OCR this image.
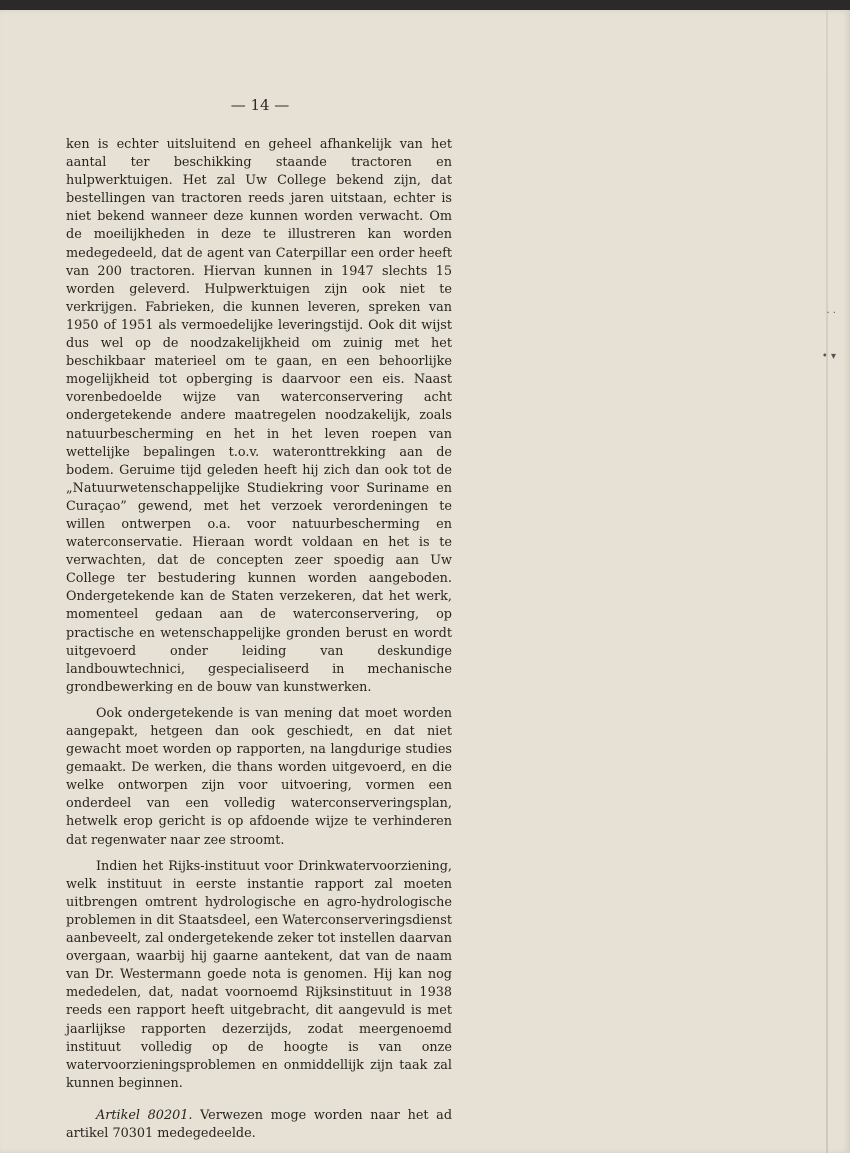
— 14 —

ken is echter uitsluitend en geheel afhankelijk van het aantal ter beschikking staande tractoren en hulpwerktuigen. Het zal Uw College bekend zijn, dat bestellingen van tractoren reeds jaren uitstaan, echter is niet bekend wanneer deze kunnen worden verwacht. Om de moeilijkheden in deze te illustreren kan worden medegedeeld, dat de agent van Caterpillar een order heeft van 200 tractoren. Hiervan kunnen in 1947 slechts 15 worden geleverd. Hulpwerktuigen zijn ook niet te verkrijgen. Fabrieken, die kunnen leveren, spreken van 1950 of 1951 als vermoedelijke leveringstijd. Ook dit wijst dus wel op de noodzakelijkheid om zuinig met het beschikbaar materieel om te gaan, en een behoorlijke mogelijkheid tot opberging is daarvoor een eis. Naast vorenbedoelde wijze van waterconservering acht ondergetekende andere maatregelen noodzakelijk, zoals natuurbescherming en het in het leven roepen van wettelijke bepalingen t.o.v. wateronttrekking aan de bodem. Geruime tijd geleden heeft hij zich dan ook tot de „Natuurwetenschappelijke Studiekring voor Suriname en Curaçao” gewend, met het verzoek verordeningen te willen ontwerpen o.a. voor natuurbescherming en waterconservatie. Hieraan wordt voldaan en het is te verwachten, dat de concepten zeer spoedig aan Uw College ter bestudering kunnen worden aangeboden. Ondergetekende kan de Staten verzekeren, dat het werk, momenteel gedaan aan de waterconservering, op practische en wetenschappelijke gronden berust en wordt uitgevoerd onder leiding van deskundige landbouwtechnici, gespecialiseerd in mechanische grondbewerking en de bouw van kunstwerken.

Ook ondergetekende is van mening dat moet worden aangepakt, hetgeen dan ook geschiedt, en dat niet gewacht moet worden op rapporten, na langdurige studies gemaakt. De werken, die thans worden uitgevoerd, en die welke ontworpen zijn voor uitvoering, vormen een onderdeel van een volledig waterconserveringsplan, hetwelk erop gericht is op afdoende wijze te verhinderen dat regenwater naar zee stroomt.

Indien het Rijks-instituut voor Drinkwatervoorziening, welk instituut in eerste instantie rapport zal moeten uitbrengen omtrent hydrologische en agro-hydrologische problemen in dit Staatsdeel, een Waterconserveringsdienst aanbeveelt, zal ondergetekende zeker tot instellen daarvan overgaan, waarbij hij gaarne aantekent, dat van de naam van Dr. Westermann goede nota is genomen. Hij kan nog mededelen, dat, nadat voornoemd Rijksinstituut in 1938 reeds een rapport heeft uitgebracht, dit aangevuld is met jaarlijkse rapporten dezerzijds, zodat meergenoemd instituut volledig op de hoogte is van onze watervoorzieningsproblemen en onmiddellijk zijn taak zal kunnen beginnen.

Artikel 80201. Verwezen moge worden naar het ad artikel 70301 medegedeelde.

. .
• ▾
